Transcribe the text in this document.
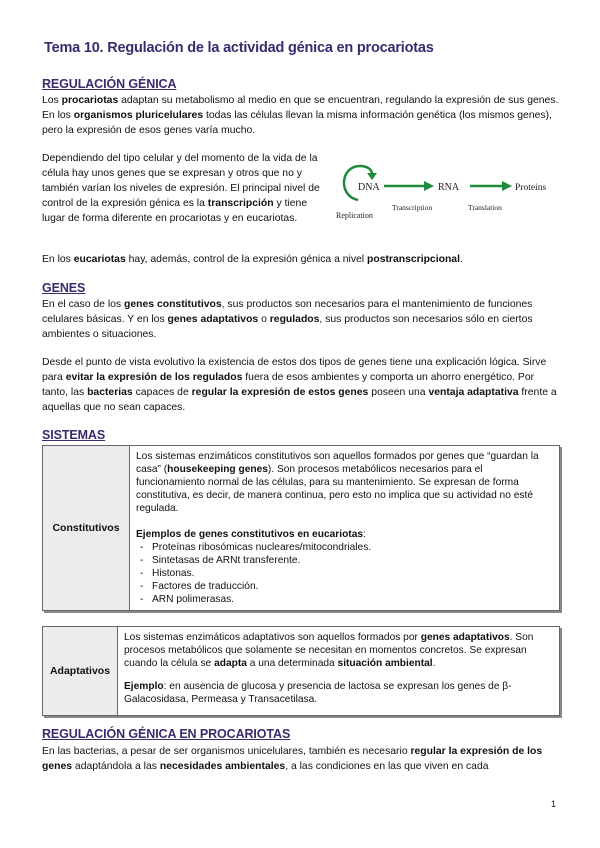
Tema 10. Regulación de la actividad génica en procariotas
REGULACIÓN GÉNICA

Los procariotas adaptan su metabolismo al medio en que se encuentran, regulando la expresión de sus genes. En los organismos pluricelulares todas las células llevan la misma información genética (los mismos genes), pero la expresión de esos genes varía mucho.

Dependiendo del tipo celular y del momento de la vida de la célula hay unos genes que se expresan y otros que no y también varían los niveles de expresión. El principal nivel de control de la expresión génica es la transcripción y tiene lugar de forma diferente en procariotas y en eucariotas.

DNA	RNA	Proteins
Replication
Transcription	Translation

En los eucariotas hay, además, control de la expresión génica a nivel postranscripcional.

GENES

En el caso de los genes constitutivos, sus productos son necesarios para el mantenimiento de funciones celulares básicas. Y en los genes adaptativos o regulados, sus productos son necesarios sólo en ciertos ambientes o situaciones.

Desde el punto de vista evolutivo la existencia de estos dos tipos de genes tiene una explicación lógica. Sirve para evitar la expresión de los regulados fuera de esos ambientes y comporta un ahorro energético. Por tanto, las bacterias capaces de regular la expresión de estos genes poseen una ventaja adaptativa frente a aquellas que no sean capaces.

SISTEMAS
Constitutivos

Los sistemas enzimáticos constitutivos son aquellos formados por genes que “guardan la casa” (housekeeping genes). Son procesos metabólicos necesarios para el funcionamiento normal de las células, para su mantenimiento. Se expresan de forma constitutiva, es decir, de manera continua, pero esto no implica que su actividad no esté regulada.

Ejemplos de genes constitutivos en eucariotas:

- Proteínas ribosómicas nucleares/mitocondriales.
- Sintetasas de ARNt transferente.
- Histonas.
- Factores de traducción.
- ARN polimerasas.
Adaptativos

Los sistemas enzimáticos adaptativos son aquellos formados por genes adaptativos. Son procesos metabólicos que solamente se necesitan en momentos concretos. Se expresan cuando la célula se adapta a una determinada situación ambiental.

Ejemplo: en ausencia de glucosa y presencia de lactosa se expresan los genes de β-Galacosidasa, Permeasa y Transacetilasa.

REGULACIÓN GÉNICA EN PROCARIOTAS

En las bacterias, a pesar de ser organismos unicelulares, también es necesario regular la expresión de los genes adaptándola a las necesidades ambientales, a las condiciones en las que viven en cada

1
